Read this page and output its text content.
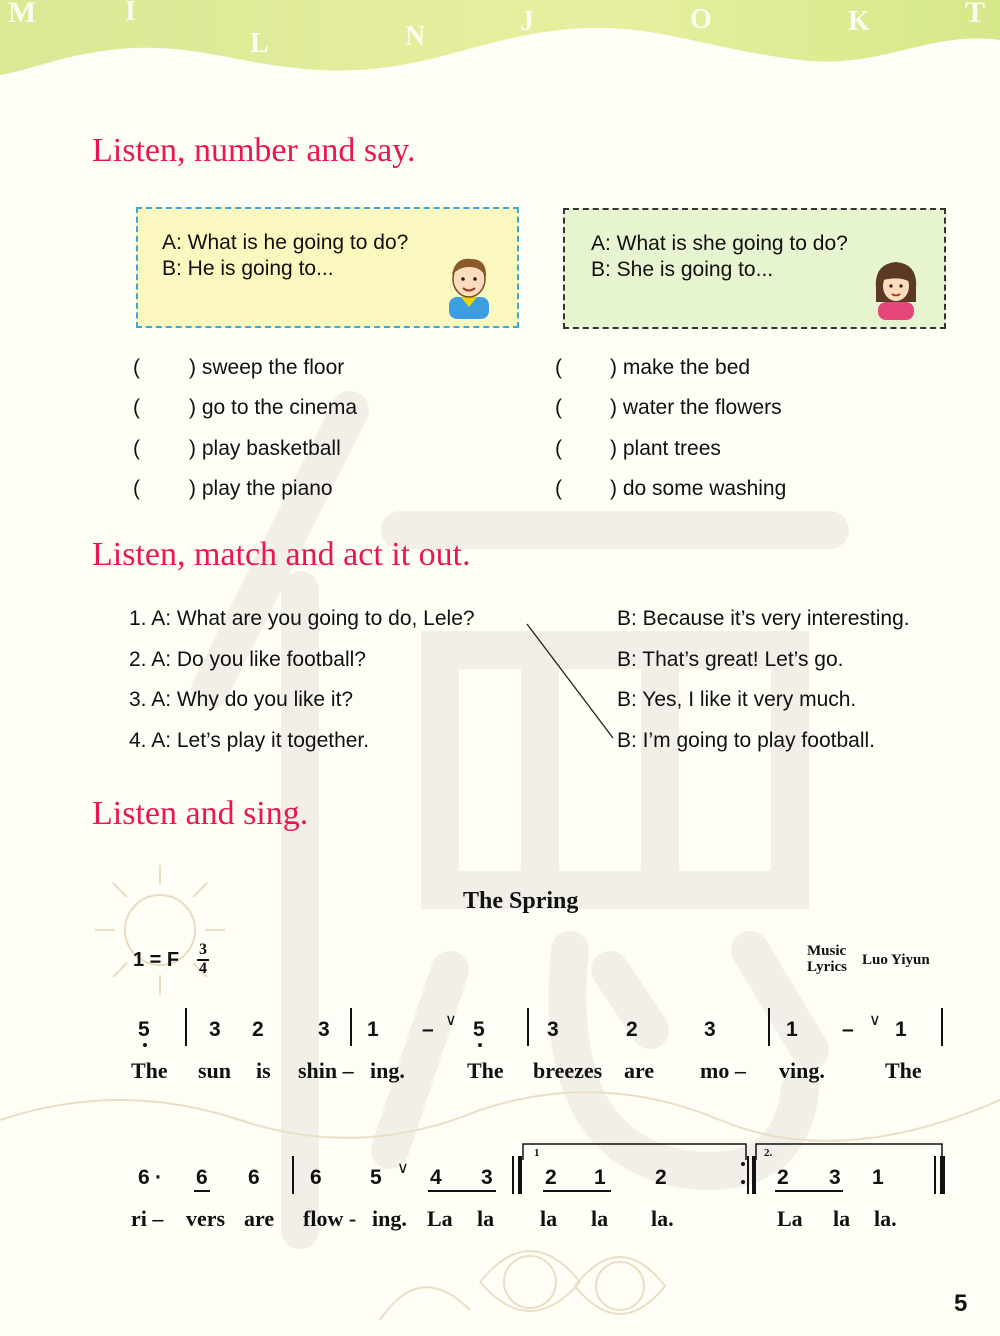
M	I
L	N	J	O	K	T
Listen, number and say.
A: What is he going to do?
B: He is going to...
A: What is she going to do?
B: She is going to...
( ) sweep the floor
( ) go to the cinema
( ) play basketball
( ) play the piano
( ) make the bed
( ) water the flowers
( ) plant trees
( ) do some washing
Listen, match and act it out.
1. A: What are you going to do, Lele?
2. A: Do you like football?
3. A: Why do you like it?
4. A: Let’s play it together.
B: Because it’s very interesting.
B: That’s great! Let’s go.
B: Yes, I like it very much.
B: I’m going to play football.
Listen and sing.
The Spring
1 = F 3
4
Music
Lyrics Luo Yiyun
5	3 2	3 1 – ∨ 5	3	2	3	1 – ∨ 1
The sun is shin – ing.	The breezes are mo – ving.	The
1	2.
6 · 6 6 6 5 ∨ 4 3 2 1 2	2 3 1
ri – vers are flow - ing. La la la la la.	La la la.
5
